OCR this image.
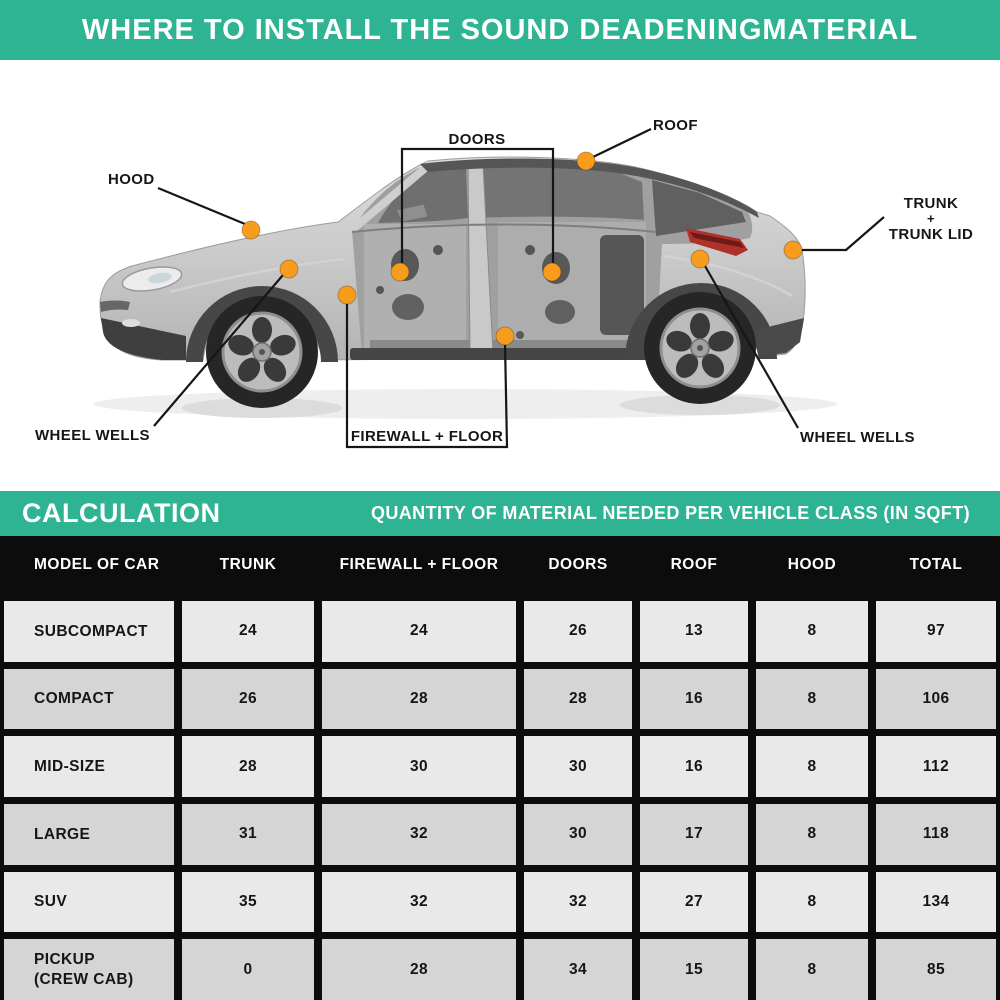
WHERE TO INSTALL THE SOUND DEADENINGMATERIAL
HOOD
DOORS
ROOF
TRUNK
+
TRUNK LID
WHEEL WELLS	FIREWALL + FLOOR	WHEEL WELLS
CALCULATION	QUANTITY OF MATERIAL NEEDED PER VEHICLE CLASS (IN SQFT)
MODEL OF CAR	TRUNK	FIREWALL + FLOOR	DOORS	ROOF	HOOD	TOTAL
SUBCOMPACT	24	24	26	13	8	97
COMPACT	26	28	28	16	8	106
MID-SIZE	28	30	30	16	8	112
LARGE	31	32	30	17	8	118
SUV	35	32	32	27	8	134
PICKUP
(CREW CAB)
0	28	34	15	8	85
